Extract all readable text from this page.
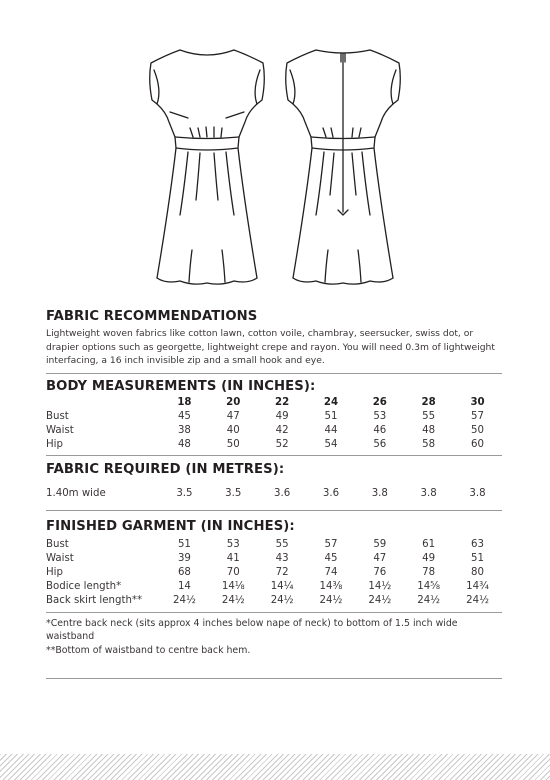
FABRIC RECOMMENDATIONS

Lightweight woven fabrics like cotton lawn, cotton voile, chambray, seersucker, swiss dot, or drapier options such as georgette, lightweight crepe and rayon. You will need 0.3m of lightweight interfacing, a 16 inch invisible zip and a small hook and eye.

BODY MEASUREMENTS (IN INCHES):
	18	20	22	24	26	28	30
Bust	45	47	49	51	53	55	57
Waist	38	40	42	44	46	48	50
Hip	48	50	52	54	56	58	60
FABRIC REQUIRED (IN METRES):
1.40m wide	3.5	3.5	3.6	3.6	3.8	3.8	3.8
FINISHED GARMENT (IN INCHES):
Bust	51	53	55	57	59	61	63
Waist	39	41	43	45	47	49	51
Hip	68	70	72	74	76	78	80
Bodice length*	14	14⅛	14¼	14⅜	14½	14⅝	14¾
Back skirt length**	24½	24½	24½	24½	24½	24½	24½

*Centre back neck (sits approx 4 inches below nape of neck) to bottom of 1.5 inch wide waistband

**Bottom of waistband to centre back hem.
